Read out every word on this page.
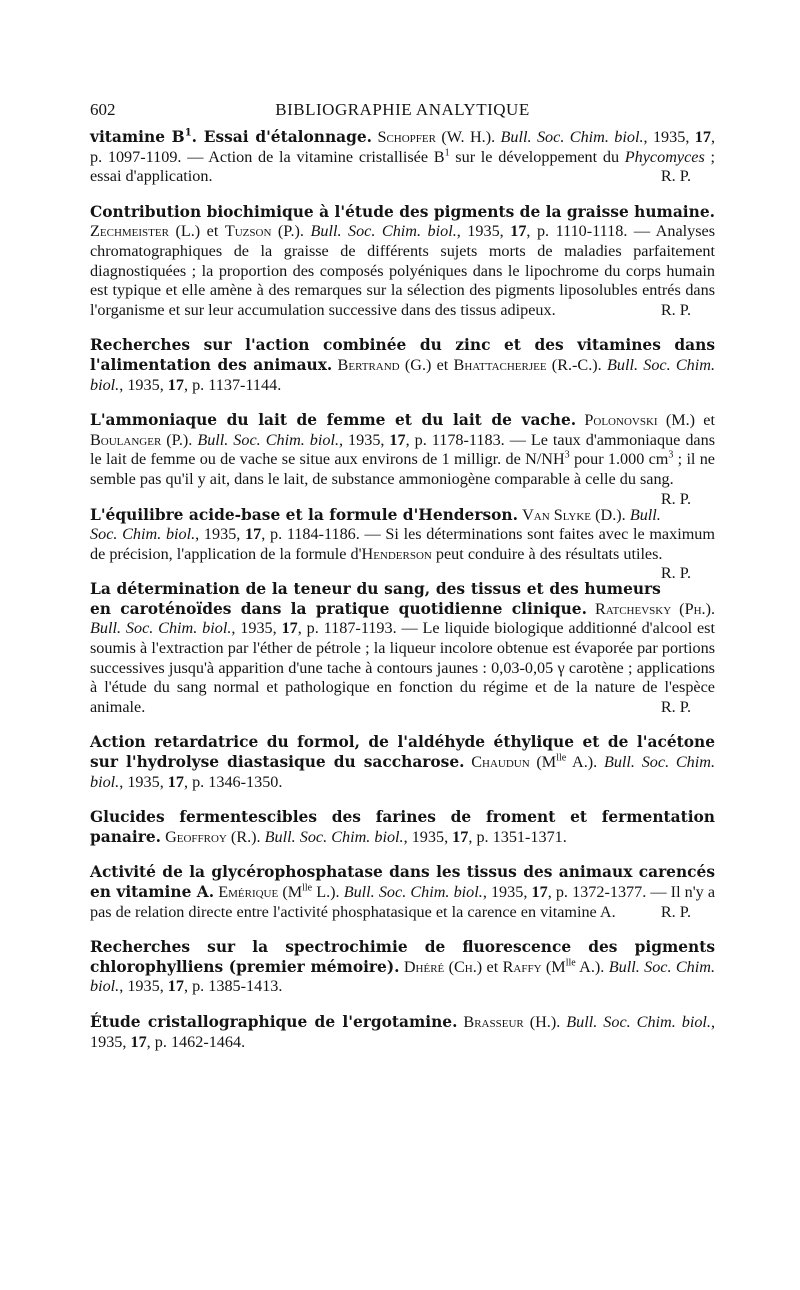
602	BIBLIOGRAPHIE ANALYTIQUE

vitamine $B^1$. Essai d'étalonnage. Schopfer (W. H.). Bull. Soc. Chim. biol., 1935, 17, p. 1097-1109. — Action de la vitamine cristallisée $B^1$ sur le développement du Phycomyces ; essai d'application.	R. P.

Contribution biochimique à l'étude des pigments de la graisse humaine. Zechmeister (L.) et Tuzson (P.). Bull. Soc. Chim. biol., 1935, 17, p. 1110-1118. — Analyses chromatographiques de la graisse de différents sujets morts de maladies parfaitement diagnostiquées ; la proportion des composés polyéniques dans le lipochrome du corps humain est typique et elle amène à des remarques sur la sélection des pigments liposolubles entrés dans l'organisme et sur leur accumulation successive dans des tissus adipeux.	R. P.

Recherches sur l'action combinée du zinc et des vitamines dans l'alimentation des animaux. Bertrand (G.) et Bhattacherjee (R.-C.). Bull. Soc. Chim. biol., 1935, 17, p. 1137-1144.

L'ammoniaque du lait de femme et du lait de vache. Polonovski (M.) et Boulanger (P.). Bull. Soc. Chim. biol., 1935, 17, p. 1178-1183. — Le taux d'ammoniaque dans le lait de femme ou de vache se situe aux environs de 1 milligr. de $N/NH^3$ pour 1.000 $cm^3$ ; il ne semble pas qu'il y ait, dans le lait, de substance ammoniogène comparable à celle du sang.
R. P.

L'équilibre acide-base et la formule d'Henderson. Van Slyke (D.). Bull. Soc. Chim. biol., 1935, 17, p. 1184-1186. — Si les déterminations sont faites avec le maximum de précision, l'application de la formule d'Henderson peut conduire à des résultats utiles.
R. P.

La détermination de la teneur du sang, des tissus et des humeurs en caroténoïdes dans la pratique quotidienne clinique. Ratchevsky (Ph.). Bull. Soc. Chim. biol., 1935, 17, p. 1187-1193. — Le liquide biologique additionné d'alcool est soumis à l'extraction par l'éther de pétrole ; la liqueur incolore obtenue est évaporée par portions successives jusqu'à apparition d'une tache à contours jaunes : 0,03-0,05 γ carotène ; applications à l'étude du sang normal et pathologique en fonction du régime et de la nature de l'espèce animale.	R. P.

Action retardatrice du formol, de l'aldéhyde éthylique et de l'acétone sur l'hydrolyse diastasique du saccharose. Chaudun ($M^{lle}$ A.). Bull. Soc. Chim. biol., 1935, 17, p. 1346-1350.

Glucides fermentescibles des farines de froment et fermentation panaire. Geoffroy (R.). Bull. Soc. Chim. biol., 1935, 17, p. 1351-1371.

Activité de la glycérophosphatase dans les tissus des animaux carencés en vitamine A. Emérique ($M^{lle}$ L.). Bull. Soc. Chim. biol., 1935, 17, p. 1372-1377. — Il n'y a pas de relation directe entre l'activité phosphatasique et la carence en vitamine A.	R. P.

Recherches sur la spectrochimie de fluorescence des pigments chlorophylliens (premier mémoire). Dhéré (Ch.) et Raffy ($M^{lle}$ A.). Bull. Soc. Chim. biol., 1935, 17, p. 1385-1413.

Étude cristallographique de l'ergotamine. Brasseur (H.). Bull. Soc. Chim. biol., 1935, 17, p. 1462-1464.
